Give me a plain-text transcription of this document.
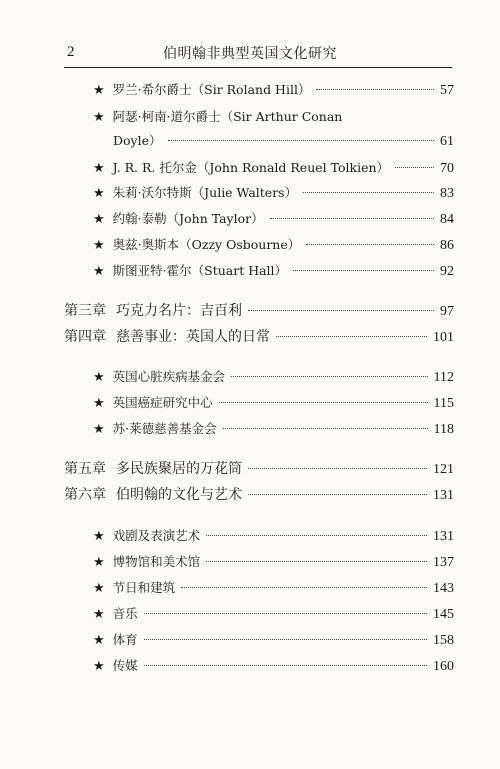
2	伯明翰非典型英国文化研究
★ 罗兰·希尔爵士（Sir Roland Hill）	57
★ 阿瑟·柯南·道尔爵士（Sir Arthur Conan
Doyle）	61
★ J. R. R. 托尔金（John Ronald Reuel Tolkien）	70
★ 朱莉·沃尔特斯（Julie Walters）	83
★ 约翰·泰勒（John Taylor）	84
★ 奥兹·奥斯本（Ozzy Osbourne）	86
★ 斯图亚特·霍尔（Stuart Hall）	92
第三章 巧克力名片：吉百利	97
第四章 慈善事业：英国人的日常	101
★ 英国心脏疾病基金会	112
★ 英国癌症研究中心	115
★ 苏·莱德慈善基金会	118
第五章 多民族聚居的万花筒	121
第六章 伯明翰的文化与艺术	131
★ 戏剧及表演艺术	131
★ 博物馆和美术馆	137
★ 节日和建筑	143
★ 音乐	145
★ 体育	158
★ 传媒	160
